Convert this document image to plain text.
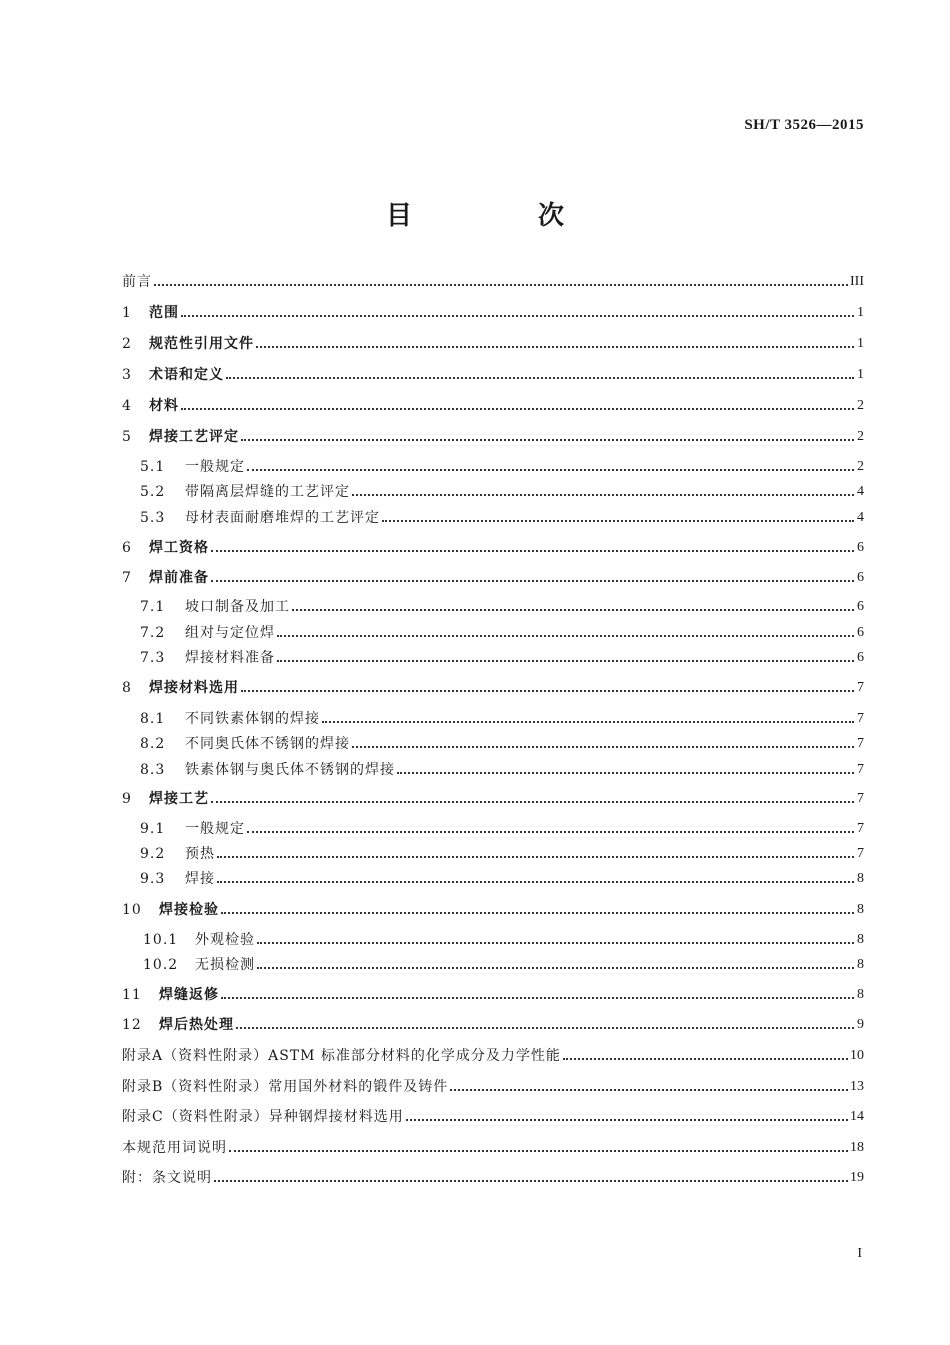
SH/T 3526—2015
目　次
前言	III
1	范围	1
2	规范性引用文件	1
3	术语和定义	1
4	材料	2
5	焊接工艺评定	2
5.1	一般规定	2
5.2	带隔离层焊缝的工艺评定	4
5.3	母材表面耐磨堆焊的工艺评定	4
6	焊工资格	6
7	焊前准备	6
7.1	坡口制备及加工	6
7.2	组对与定位焊	6
7.3	焊接材料准备	6
8	焊接材料选用	7
8.1	不同铁素体钢的焊接	7
8.2	不同奥氏体不锈钢的焊接	7
8.3	铁素体钢与奥氏体不锈钢的焊接	7
9	焊接工艺	7
9.1	一般规定	7
9.2	预热	7
9.3	焊接	8
10	焊接检验	8
10.1	外观检验	8
10.2	无损检测	8
11	焊缝返修	8
12	焊后热处理	9
附录A（资料性附录）ASTM 标准部分材料的化学成分及力学性能	10
附录B（资料性附录）常用国外材料的锻件及铸件	13
附录C（资料性附录）异种钢焊接材料选用	14
本规范用词说明	18
附：条文说明	19
I
